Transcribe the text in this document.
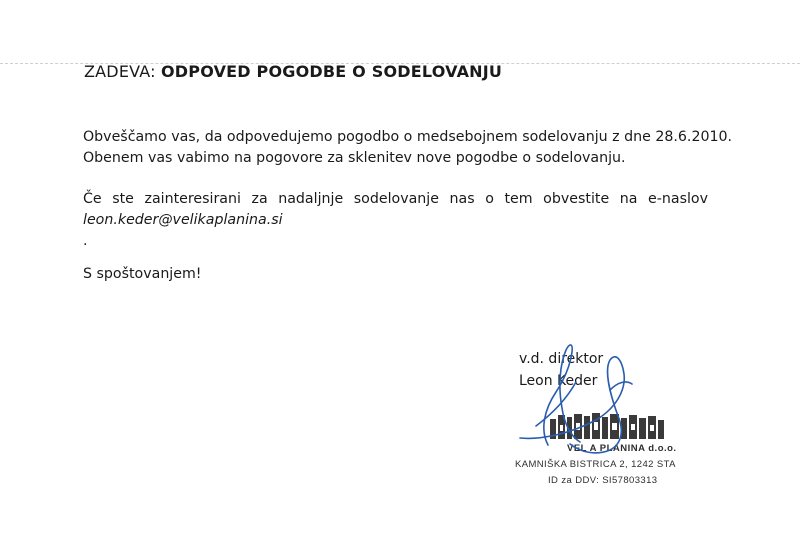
ZADEVA: ODPOVED POGODBE O SODELOVANJU
Obveščamo vas, da odpovedujemo pogodbo o medsebojnem sodelovanju z dne 28.6.2010.
Obenem vas vabimo na pogovore za sklenitev nove pogodbe o sodelovanju.
Če ste zainteresirani za nadaljnje sodelovanje nas o tem obvestite na e-naslov
leon.keder@velikaplanina.si
.
S spoštovanjem!
v.d. direktor
Leon Keder
VEL A PLANINA d.o.o.
KAMNIŠKA BISTRICA 2, 1242 STA
ID za DDV: SI57803313
